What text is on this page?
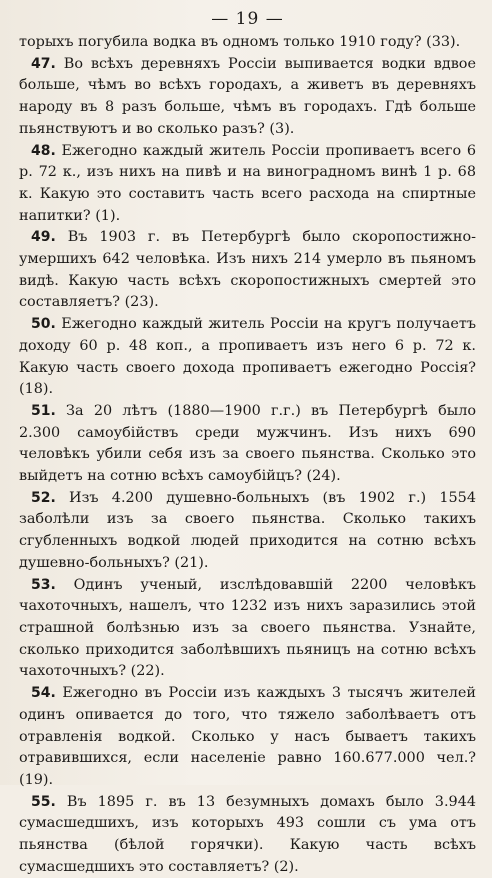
— 19 —

торыхъ погубила водка въ одномъ только 1910 году? (33).

47. Во всѣхъ деревняхъ Россіи выпивается водки вдвое больше, чѣмъ во всѣхъ городахъ, а живетъ въ деревняхъ народу въ 8 разъ больше, чѣмъ въ городахъ. Гдѣ больше пьянствуютъ и во сколько разъ? (3).

48. Ежегодно каждый житель Россіи пропиваетъ всего 6 р. 72 к., изъ нихъ на пивѣ и на виноградномъ винѣ 1 р. 68 к. Какую это составитъ часть всего расхода на спиртные напитки? (1).

49. Въ 1903 г. въ Петербургѣ было скоропостижно-умершихъ 642 человѣка. Изъ нихъ 214 умерло въ пьяномъ видѣ. Какую часть всѣхъ скоропостижныхъ смертей это составляетъ? (23).

50. Ежегодно каждый житель Россіи на кругъ получаетъ доходу 60 р. 48 коп., а пропиваетъ изъ него 6 р. 72 к. Какую часть своего дохода пропиваетъ ежегодно Россія? (18).

51. За 20 лѣтъ (1880—1900 г.г.) въ Петербургѣ было 2.300 самоубійствъ среди мужчинъ. Изъ нихъ 690 человѣкъ убили себя изъ за своего пьянства. Сколько это выйдетъ на сотню всѣхъ самоубійцъ? (24).

52. Изъ 4.200 душевно-больныхъ (въ 1902 г.) 1554 заболѣли изъ за своего пьянства. Сколько такихъ сгубленныхъ водкой людей приходится на сотню всѣхъ душевно-больныхъ? (21).

53. Одинъ ученый, изслѣдовавшій 2200 человѣкъ чахоточныхъ, нашелъ, что 1232 изъ нихъ заразились этой страшной болѣзнью изъ за своего пьянства. Узнайте, сколько приходится заболѣвшихъ пьяницъ на сотню всѣхъ чахоточныхъ? (22).

54. Ежегодно въ Россіи изъ каждыхъ 3 тысячъ жителей одинъ опивается до того, что тяжело заболѣваетъ отъ отравленія водкой. Сколько у насъ бываетъ такихъ отравившихся, если населеніе равно 160.677.000 чел.? (19).

55. Въ 1895 г. въ 13 безумныхъ домахъ было 3.944 сумасшедшихъ, изъ которыхъ 493 сошли съ ума отъ пьянства (бѣлой горячки). Какую часть всѣхъ сумасшедшихъ это составляетъ? (2).
